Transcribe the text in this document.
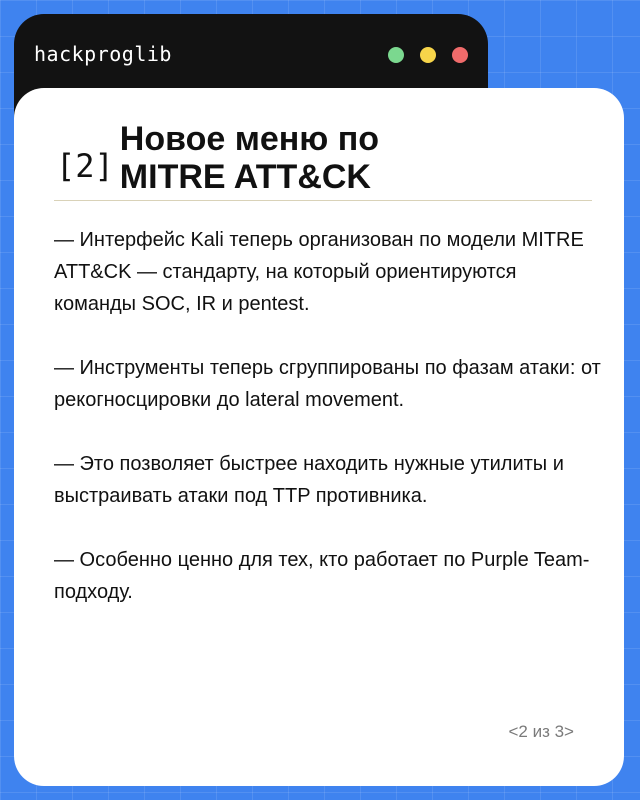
hackproglib
[2]
Новое меню по
MITRE ATT&CK

— Интерфейс Kali теперь организован по модели MITRE ATT&CK — стандарту, на который ориентируются команды SOC, IR и pentest.

— Инструменты теперь сгруппированы по фазам атаки: от рекогносцировки до lateral movement.

— Это позволяет быстрее находить нужные утилиты и выстраивать атаки под TTP противника.

— Особенно ценно для тех, кто работает по Purple Team-подходу.

<2 из 3>
